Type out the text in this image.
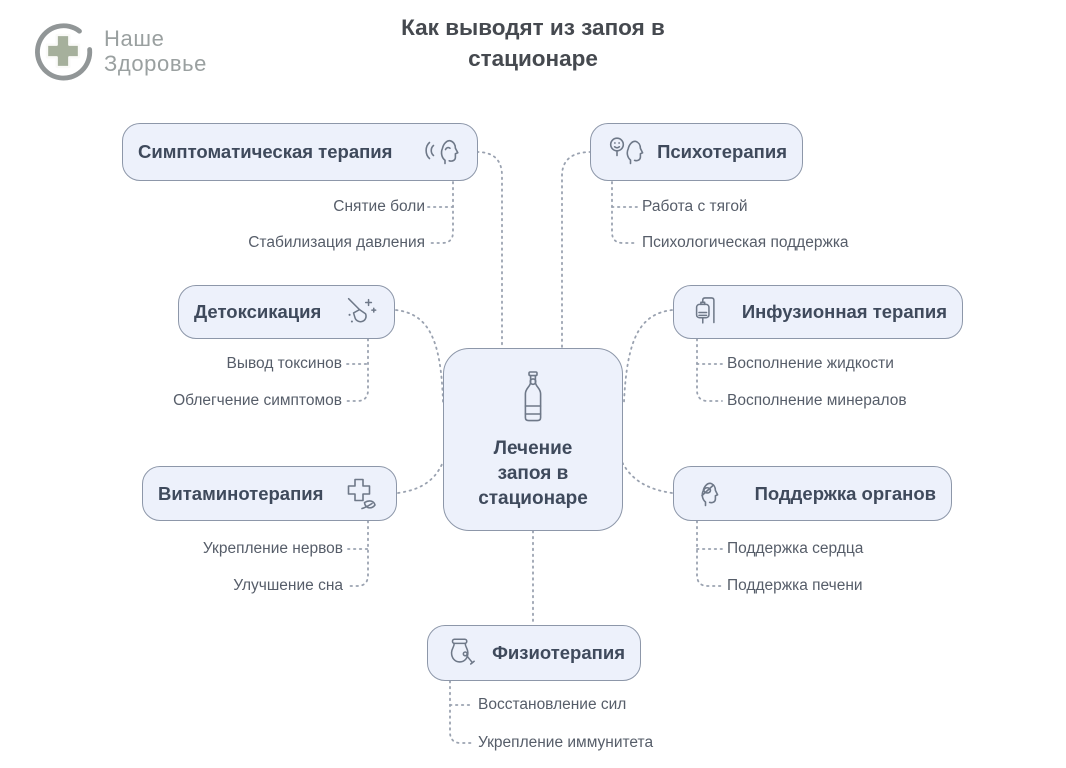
Наше
Здоровье
Как выводят из запоя в стационаре
Симптоматическая терапия
Снятие боли
Стабилизация давления
Психотерапия
Работа с тягой
Психологическая поддержка
Детоксикация
Вывод токсинов
Облегчение симптомов
Инфузионная терапия
Восполнение жидкости
Восполнение минералов
Лечение запоя в стационаре
Витаминотерапия
Укрепление нервов
Улучшение сна
Поддержка органов
Поддержка сердца
Поддержка печени
Физиотерапия
Восстановление сил
Укрепление иммунитета
